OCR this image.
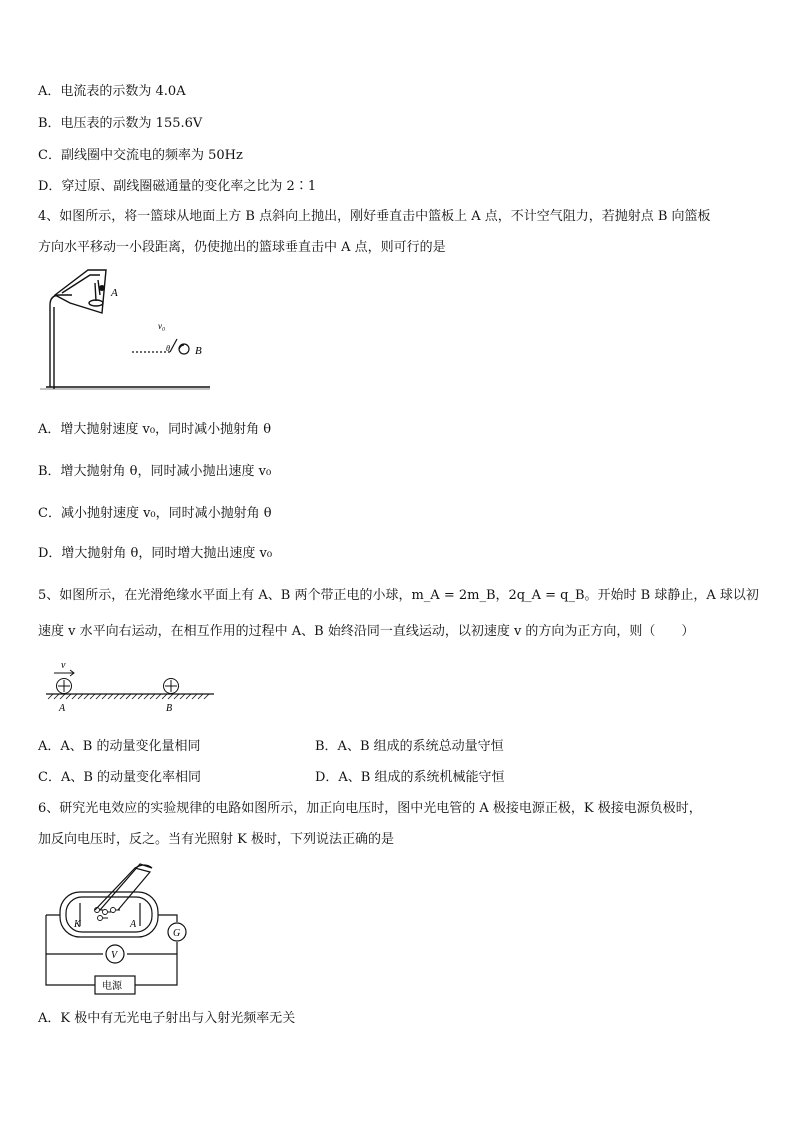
A．电流表的示数为 4.0A
B．电压表的示数为 155.6V
C．副线圈中交流电的频率为 50Hz
D．穿过原、副线圈磁通量的变化率之比为 2∶1
4、如图所示，将一篮球从地面上方 B 点斜向上抛出，刚好垂直击中篮板上 A 点，不计空气阻力，若抛射点 B 向篮板
方向水平移动一小段距离，仍使抛出的篮球垂直击中 A 点，则可行的是
A
v₀
θ B
A．增大抛射速度 v₀，同时减小抛射角 θ
B．增大抛射角 θ，同时减小抛出速度 v₀
C．减小抛射速度 v₀，同时减小抛射角 θ
D．增大抛射角 θ，同时增大抛出速度 v₀
5、如图所示，在光滑绝缘水平面上有 A、B 两个带正电的小球，m_A = 2m_B，2q_A = q_B。开始时 B 球静止，A 球以初
速度 v 水平向右运动，在相互作用的过程中 A、B 始终沿同一直线运动，以初速度 v 的方向为正方向，则（　　）
v
A	B
A．A、B 的动量变化量相同	B．A、B 组成的系统总动量守恒
C．A、B 的动量变化率相同	D．A、B 组成的系统机械能守恒
6、研究光电效应的实验规律的电路如图所示，加正向电压时，图中光电管的 A 极接电源正极，K 极接电源负极时，
加反向电压时，反之。当有光照射 K 极时，下列说法正确的是
K	A
V
G
电源
A．K 极中有无光电子射出与入射光频率无关
